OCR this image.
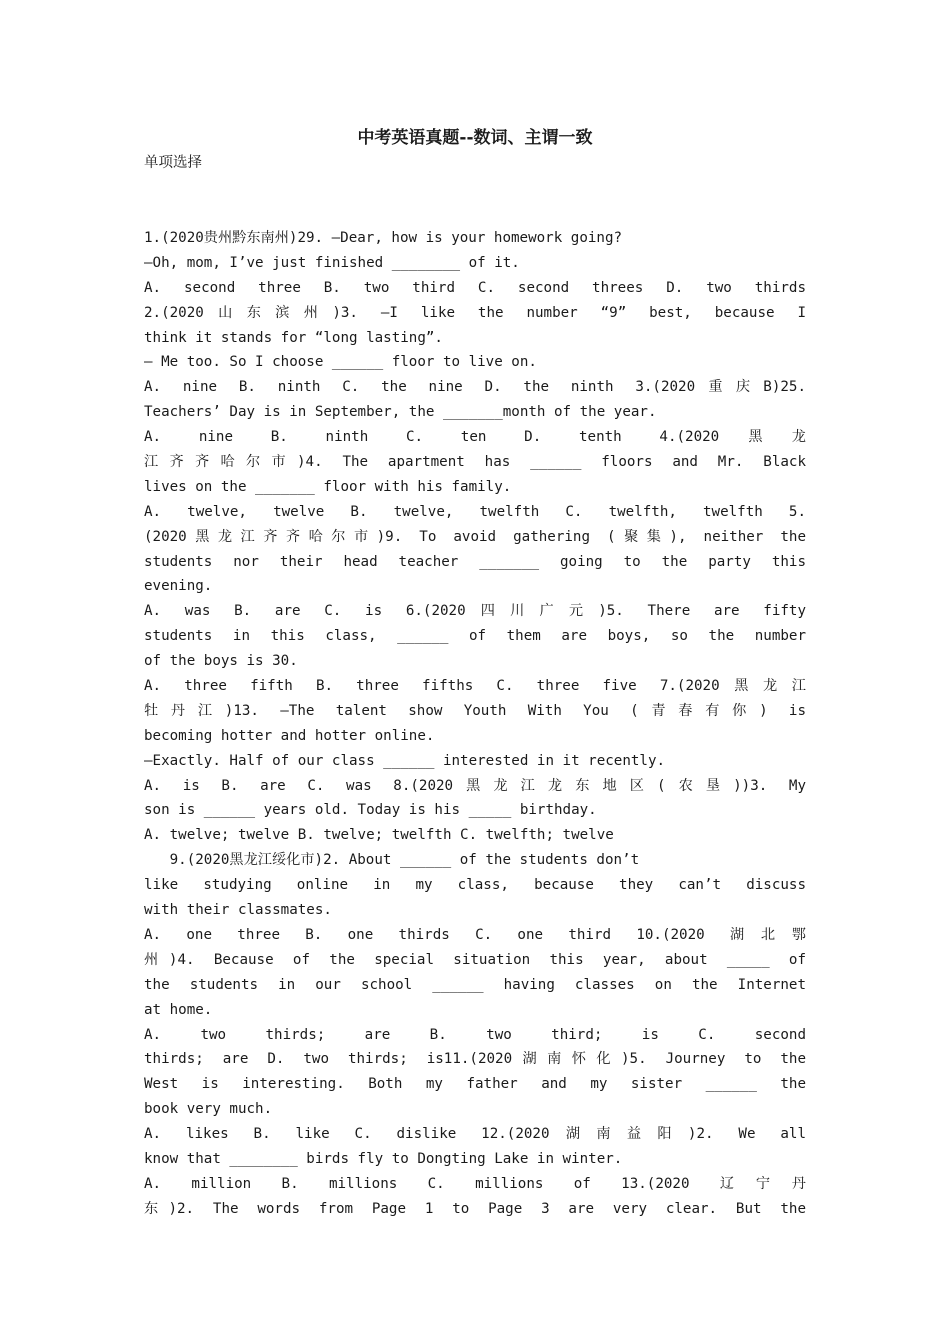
中考英语真题--数词、主谓一致
单项选择
1.(2020贵州黔东南州)29. —Dear, how is your homework going?
—Oh, mom, I’ve just finished ________ of it.
A. second three B. two third C. second threes D. two thirds
2.(2020山东滨州)3. —I like the number “9” best, because I
think it stands for “long lasting”.
— Me too. So I choose ______ floor to live on.
A. nine B. ninth C. the nine D. the ninth 3.(2020重庆B)25.
Teachers’ Day is in September, the _______month of the year.
A. nine B. ninth C. ten D. tenth 4.(2020黑龙
江齐齐哈尔市)4. The apartment has ______ floors and Mr. Black
lives on the _______ floor with his family.
A. twelve, twelve B. twelve, twelfth C. twelfth, twelfth 5.
(2020黑龙江齐齐哈尔市)9. To avoid gathering (聚集), neither the
students nor their head teacher _______ going to the party this
evening.
A. was B. are C. is 6.(2020四川广元)5. There are fifty
students in this class, ______ of them are boys, so the number
of the boys is 30.
A. three fifth B. three fifths C. three five 7.(2020黑龙江
牡丹江)13. —The talent show Youth With You (青春有你) is
becoming hotter and hotter online.
—Exactly. Half of our class ______ interested in it recently.
A. is B. are C. was 8.(2020黑龙江龙东地区(农垦))3. My
son is ______ years old. Today is his _____ birthday.
A. twelve; twelve B. twelve; twelfth C. twelfth; twelve
9.(2020黑龙江绥化市)2. About ______ of the students don’t
like studying online in my class, because they can’t discuss
with their classmates.
A. one three B. one thirds C. one third 10.(2020 湖北鄂
州)4. Because of the special situation this year, about _____ of
the students in our school ______ having classes on the Internet
at home.
A. two thirds; are B. two third; is C. second
thirds; are D. two thirds; is11.(2020湖南怀化)5. Journey to the
West is interesting. Both my father and my sister ______ the
book very much.
A. likes B. like C. dislike 12.(2020湖南益阳)2. We all
know that ________ birds fly to Dongting Lake in winter.
A. million B. millions C. millions of 13.(2020 辽宁丹
东)2. The words from Page 1 to Page 3 are very clear. But the
